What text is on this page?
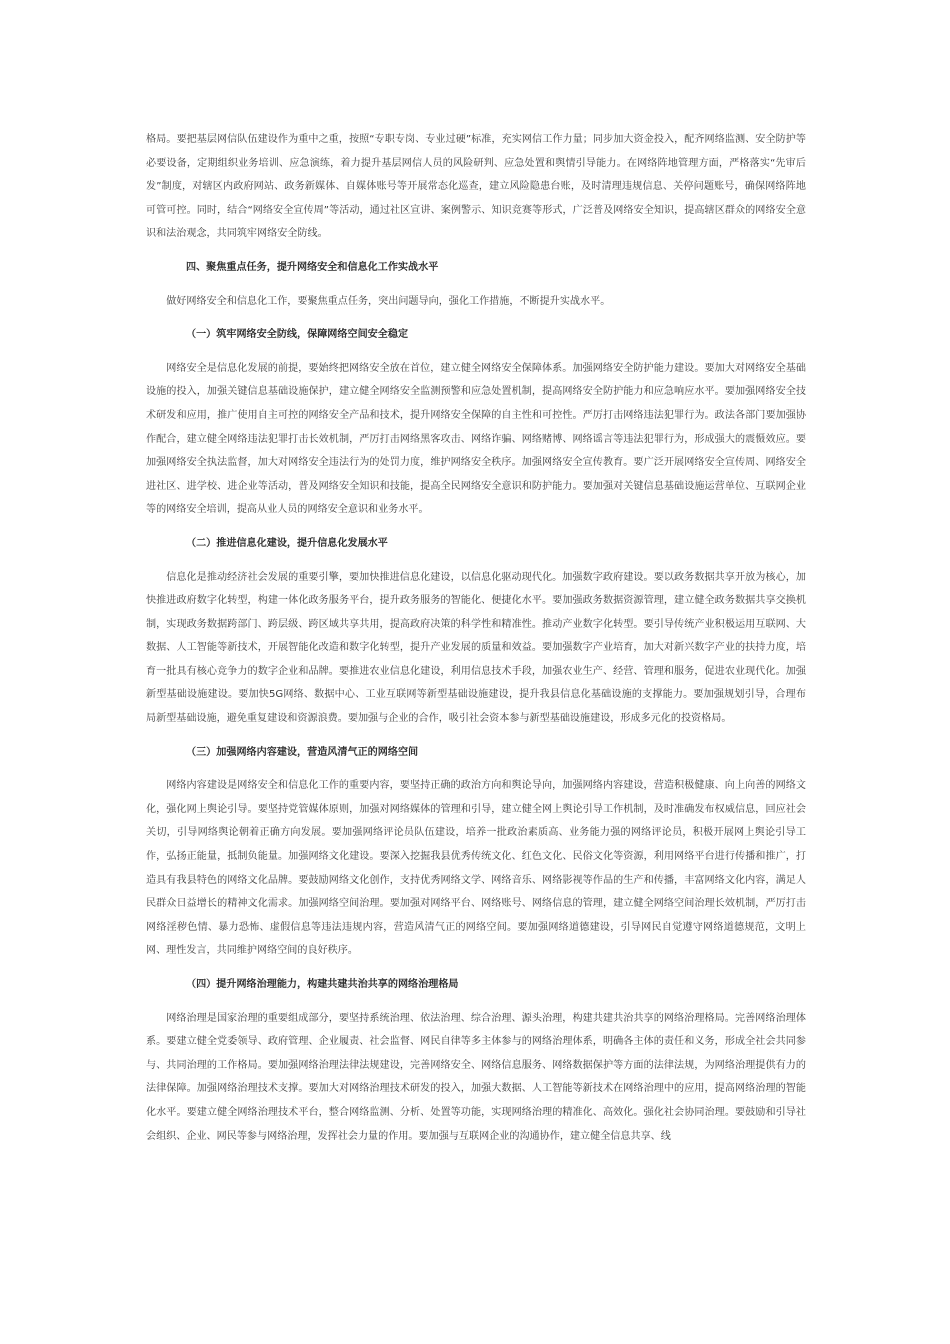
格局。要把基层网信队伍建设作为重中之重，按照“专职专岗、专业过硬”标准，充实网信工作力量；同步加大资金投入，配齐网络监测、安全防护等必要设备，定期组织业务培训、应急演练，着力提升基层网信人员的风险研判、应急处置和舆情引导能力。在网络阵地管理方面，严格落实“先审后发”制度，对辖区内政府网站、政务新媒体、自媒体账号等开展常态化巡查，建立风险隐患台账，及时清理违规信息、关停问题账号，确保网络阵地可管可控。同时，结合“网络安全宣传周”等活动，通过社区宣讲、案例警示、知识竞赛等形式，广泛普及网络安全知识，提高辖区群众的网络安全意识和法治观念，共同筑牢网络安全防线。

四、聚焦重点任务，提升网络安全和信息化工作实战水平

做好网络安全和信息化工作，要聚焦重点任务，突出问题导向，强化工作措施，不断提升实战水平。

（一）筑牢网络安全防线，保障网络空间安全稳定

网络安全是信息化发展的前提，要始终把网络安全放在首位，建立健全网络安全保障体系。加强网络安全防护能力建设。要加大对网络安全基础设施的投入，加强关键信息基础设施保护，建立健全网络安全监测预警和应急处置机制，提高网络安全防护能力和应急响应水平。要加强网络安全技术研发和应用，推广使用自主可控的网络安全产品和技术，提升网络安全保障的自主性和可控性。严厉打击网络违法犯罪行为。政法各部门要加强协作配合，建立健全网络违法犯罪打击长效机制，严厉打击网络黑客攻击、网络诈骗、网络赌博、网络谣言等违法犯罪行为，形成强大的震慑效应。要加强网络安全执法监督，加大对网络安全违法行为的处罚力度，维护网络安全秩序。加强网络安全宣传教育。要广泛开展网络安全宣传周、网络安全进社区、进学校、进企业等活动，普及网络安全知识和技能，提高全民网络安全意识和防护能力。要加强对关键信息基础设施运营单位、互联网企业等的网络安全培训，提高从业人员的网络安全意识和业务水平。

（二）推进信息化建设，提升信息化发展水平

信息化是推动经济社会发展的重要引擎，要加快推进信息化建设，以信息化驱动现代化。加强数字政府建设。要以政务数据共享开放为核心，加快推进政府数字化转型，构建一体化政务服务平台，提升政务服务的智能化、便捷化水平。要加强政务数据资源管理，建立健全政务数据共享交换机制，实现政务数据跨部门、跨层级、跨区域共享共用，提高政府决策的科学性和精准性。推动产业数字化转型。要引导传统产业积极运用互联网、大数据、人工智能等新技术，开展智能化改造和数字化转型，提升产业发展的质量和效益。要加强数字产业培育，加大对新兴数字产业的扶持力度，培育一批具有核心竞争力的数字企业和品牌。要推进农业信息化建设，利用信息技术手段，加强农业生产、经营、管理和服务，促进农业现代化。加强新型基础设施建设。要加快5G网络、数据中心、工业互联网等新型基础设施建设，提升我县信息化基础设施的支撑能力。要加强规划引导，合理布局新型基础设施，避免重复建设和资源浪费。要加强与企业的合作，吸引社会资本参与新型基础设施建设，形成多元化的投资格局。

（三）加强网络内容建设，营造风清气正的网络空间

网络内容建设是网络安全和信息化工作的重要内容，要坚持正确的政治方向和舆论导向，加强网络内容建设，营造积极健康、向上向善的网络文化，强化网上舆论引导。要坚持党管媒体原则，加强对网络媒体的管理和引导，建立健全网上舆论引导工作机制，及时准确发布权威信息，回应社会关切，引导网络舆论朝着正确方向发展。要加强网络评论员队伍建设，培养一批政治素质高、业务能力强的网络评论员，积极开展网上舆论引导工作，弘扬正能量，抵制负能量。加强网络文化建设。要深入挖掘我县优秀传统文化、红色文化、民俗文化等资源，利用网络平台进行传播和推广，打造具有我县特色的网络文化品牌。要鼓励网络文化创作，支持优秀网络文学、网络音乐、网络影视等作品的生产和传播，丰富网络文化内容，满足人民群众日益增长的精神文化需求。加强网络空间治理。要加强对网络平台、网络账号、网络信息的管理，建立健全网络空间治理长效机制，严厉打击网络淫秽色情、暴力恐怖、虚假信息等违法违规内容，营造风清气正的网络空间。要加强网络道德建设，引导网民自觉遵守网络道德规范，文明上网、理性发言，共同维护网络空间的良好秩序。

（四）提升网络治理能力，构建共建共治共享的网络治理格局

网络治理是国家治理的重要组成部分，要坚持系统治理、依法治理、综合治理、源头治理，构建共建共治共享的网络治理格局。完善网络治理体系。要建立健全党委领导、政府管理、企业履责、社会监督、网民自律等多主体参与的网络治理体系，明确各主体的责任和义务，形成全社会共同参与、共同治理的工作格局。要加强网络治理法律法规建设，完善网络安全、网络信息服务、网络数据保护等方面的法律法规，为网络治理提供有力的法律保障。加强网络治理技术支撑。要加大对网络治理技术研发的投入，加强大数据、人工智能等新技术在网络治理中的应用，提高网络治理的智能化水平。要建立健全网络治理技术平台，整合网络监测、分析、处置等功能，实现网络治理的精准化、高效化。强化社会协同治理。要鼓励和引导社会组织、企业、网民等参与网络治理，发挥社会力量的作用。要加强与互联网企业的沟通协作，建立健全信息共享、线
